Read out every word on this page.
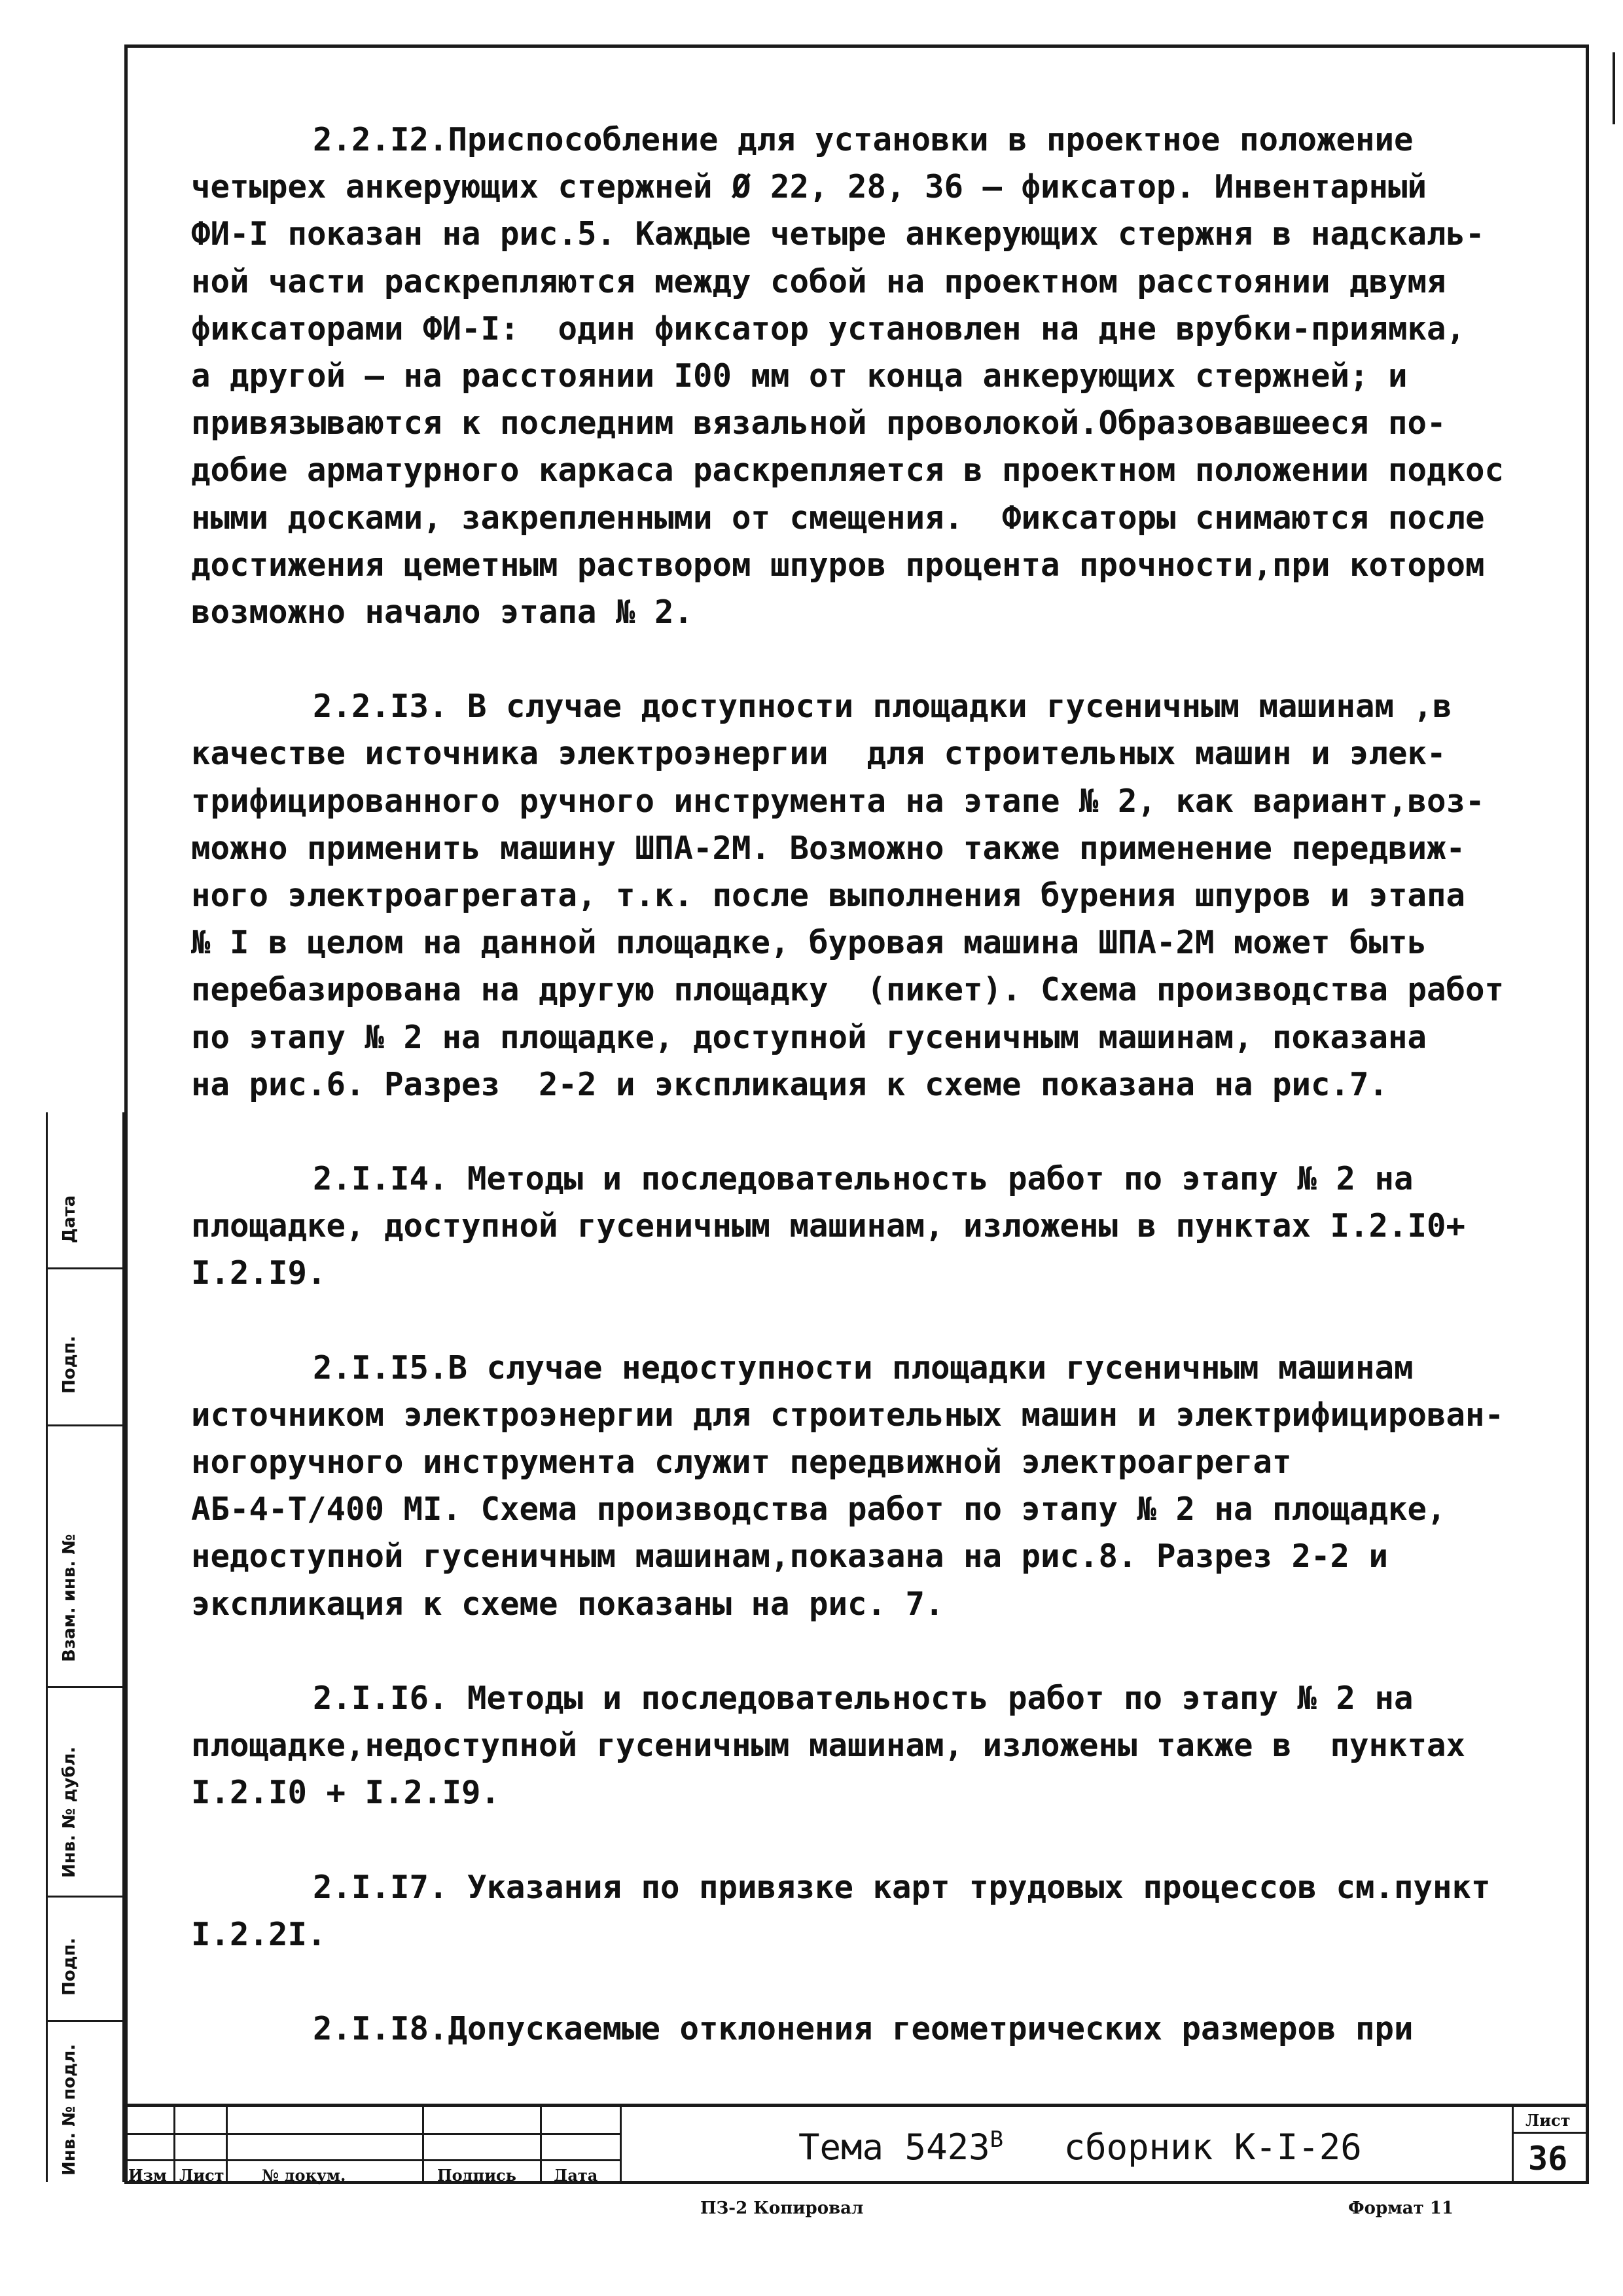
2.2.I2.Приспособление для установки в проектное положение
четырех анкерующих стержней Ø 22, 28, 36 – фиксатор. Инвентарный
ФИ-I показан на рис.5. Каждые четыре анкерующих стержня в надскаль-
ной части раскрепляются между собой на проектном расстоянии двумя
фиксаторами ФИ-I:  один фиксатор установлен на дне врубки-приямка,
а другой – на расстоянии I00 мм от конца анкерующих стержней; и
привязываются к последним вязальной проволокой.Образовавшееся по-
добие арматурного каркаса раскрепляется в проектном положении подкос
ными досками, закрепленными от смещения.  Фиксаторы снимаются после
достижения цеметным раствором шпуров процента прочности,при котором
возможно начало этапа № 2.
2.2.I3. В случае доступности площадки гусеничным машинам ,в
качестве источника электроэнергии  для строительных машин и элек-
трифицированного ручного инструмента на этапе № 2, как вариант,воз-
можно применить машину ШПА-2М. Возможно также применение передвиж-
ного электроагрегата, т.к. после выполнения бурения шпуров и этапа
№ I в целом на данной площадке, буровая машина ШПА-2М может быть
перебазирована на другую площадку  (пикет). Схема производства работ
по этапу № 2 на площадке, доступной гусеничным машинам, показана
на рис.6. Разрез  2-2 и экспликация к схеме показана на рис.7.
2.I.I4. Методы и последовательность работ по этапу № 2 на
площадке, доступной гусеничным машинам, изложены в пунктах I.2.I0+
I.2.I9.
2.I.I5.В случае недоступности площадки гусеничным машинам
источником электроэнергии для строительных машин и электрифицирован-
ногоручного инструмента служит передвижной электроагрегат
АБ-4-Т/400 МI. Схема производства работ по этапу № 2 на площадке,
недоступной гусеничным машинам,показана на рис.8. Разрез 2-2 и
экспликация к схеме показаны на рис. 7.
2.I.I6. Методы и последовательность работ по этапу № 2 на
площадке,недоступной гусеничным машинам, изложены также в  пунктах
I.2.I0 + I.2.I9.
2.I.I7. Указания по привязке карт трудовых процессов см.пункт
I.2.2I.
2.I.I8.Допускаемые отклонения геометрических размеров при
Дата
Подп.
Взам. инв. №
Инв. № дубл.
Подп.
Инв. № подл.	Изм Лист № докум.	Подпись Дата
Тема $5423^В$ сборник К-I-26
Лист
36
ПЗ-2 Копировал	Формат 11
